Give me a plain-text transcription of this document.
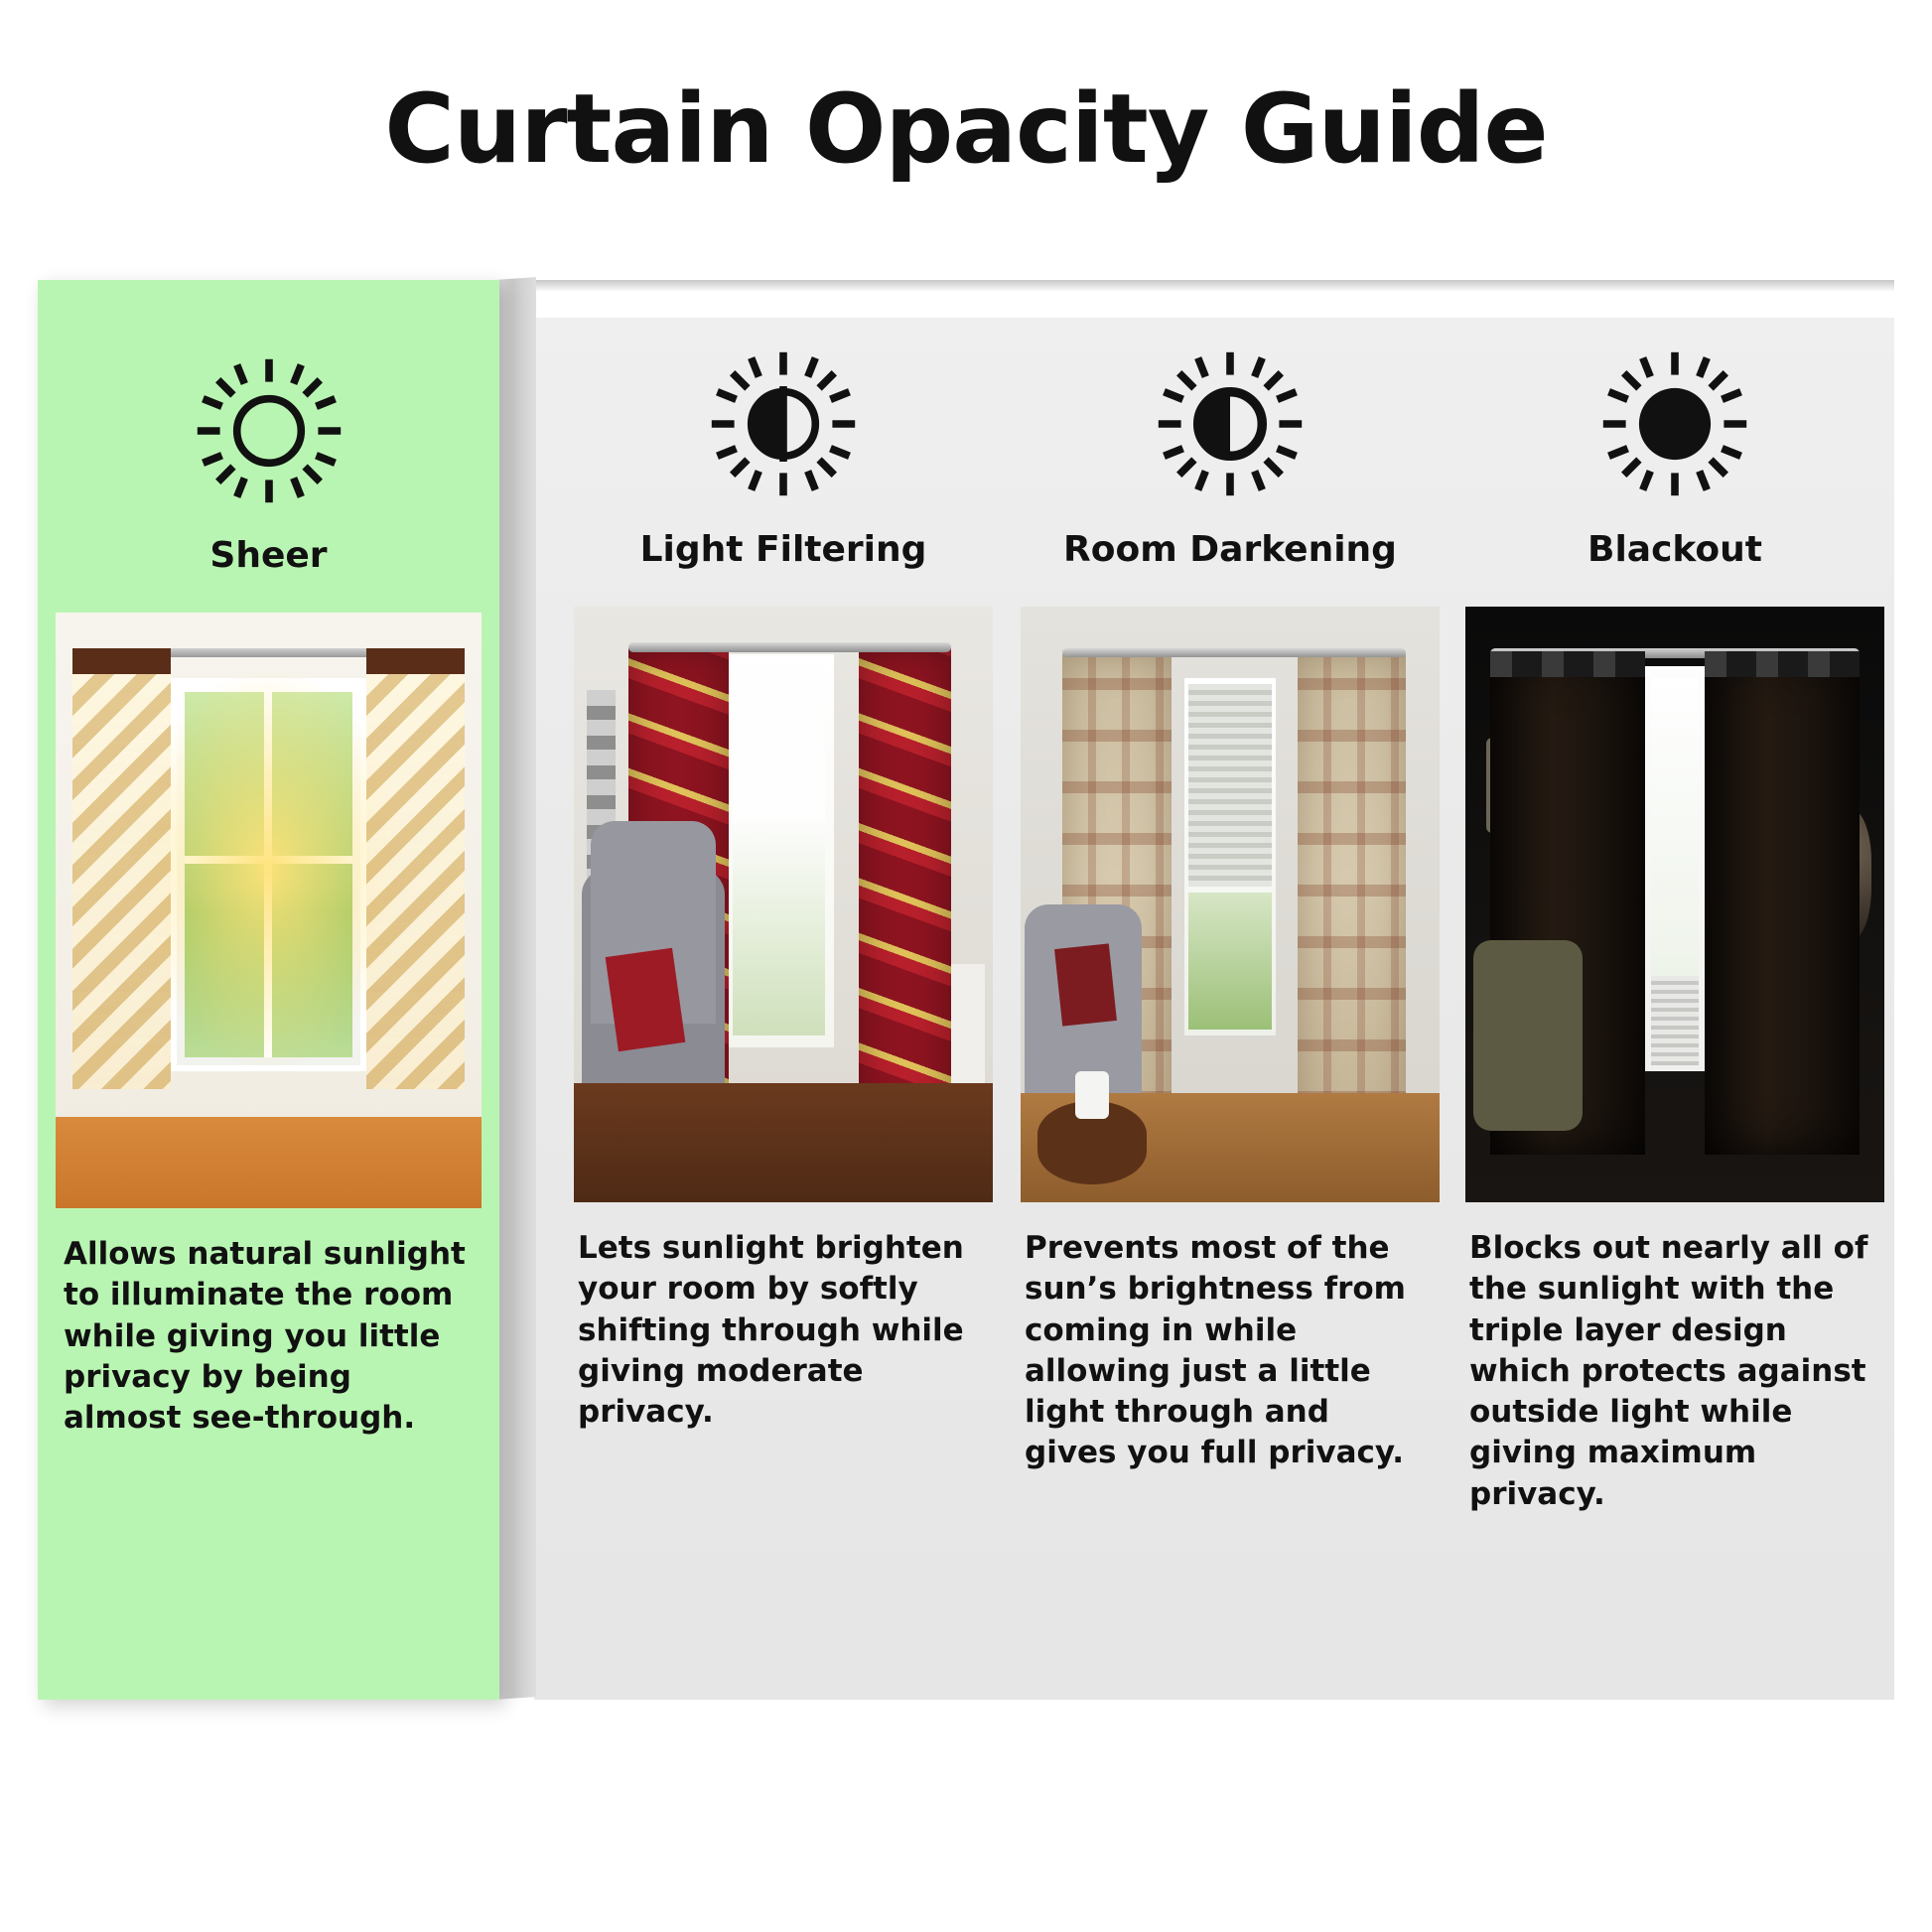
Curtain Opacity Guide

Sheer

Allows natural sunlight to illuminate the room while giving you little privacy by being almost see-through.

Light Filtering

Lets sunlight brighten your room by softly shifting through while giving moderate privacy.

Room Darkening

Prevents most of the sun’s brightness from coming in while allowing just a little light through and gives you full privacy.

Blackout

Blocks out nearly all of the sunlight with the triple layer design which protects against outside light while giving maximum privacy.
